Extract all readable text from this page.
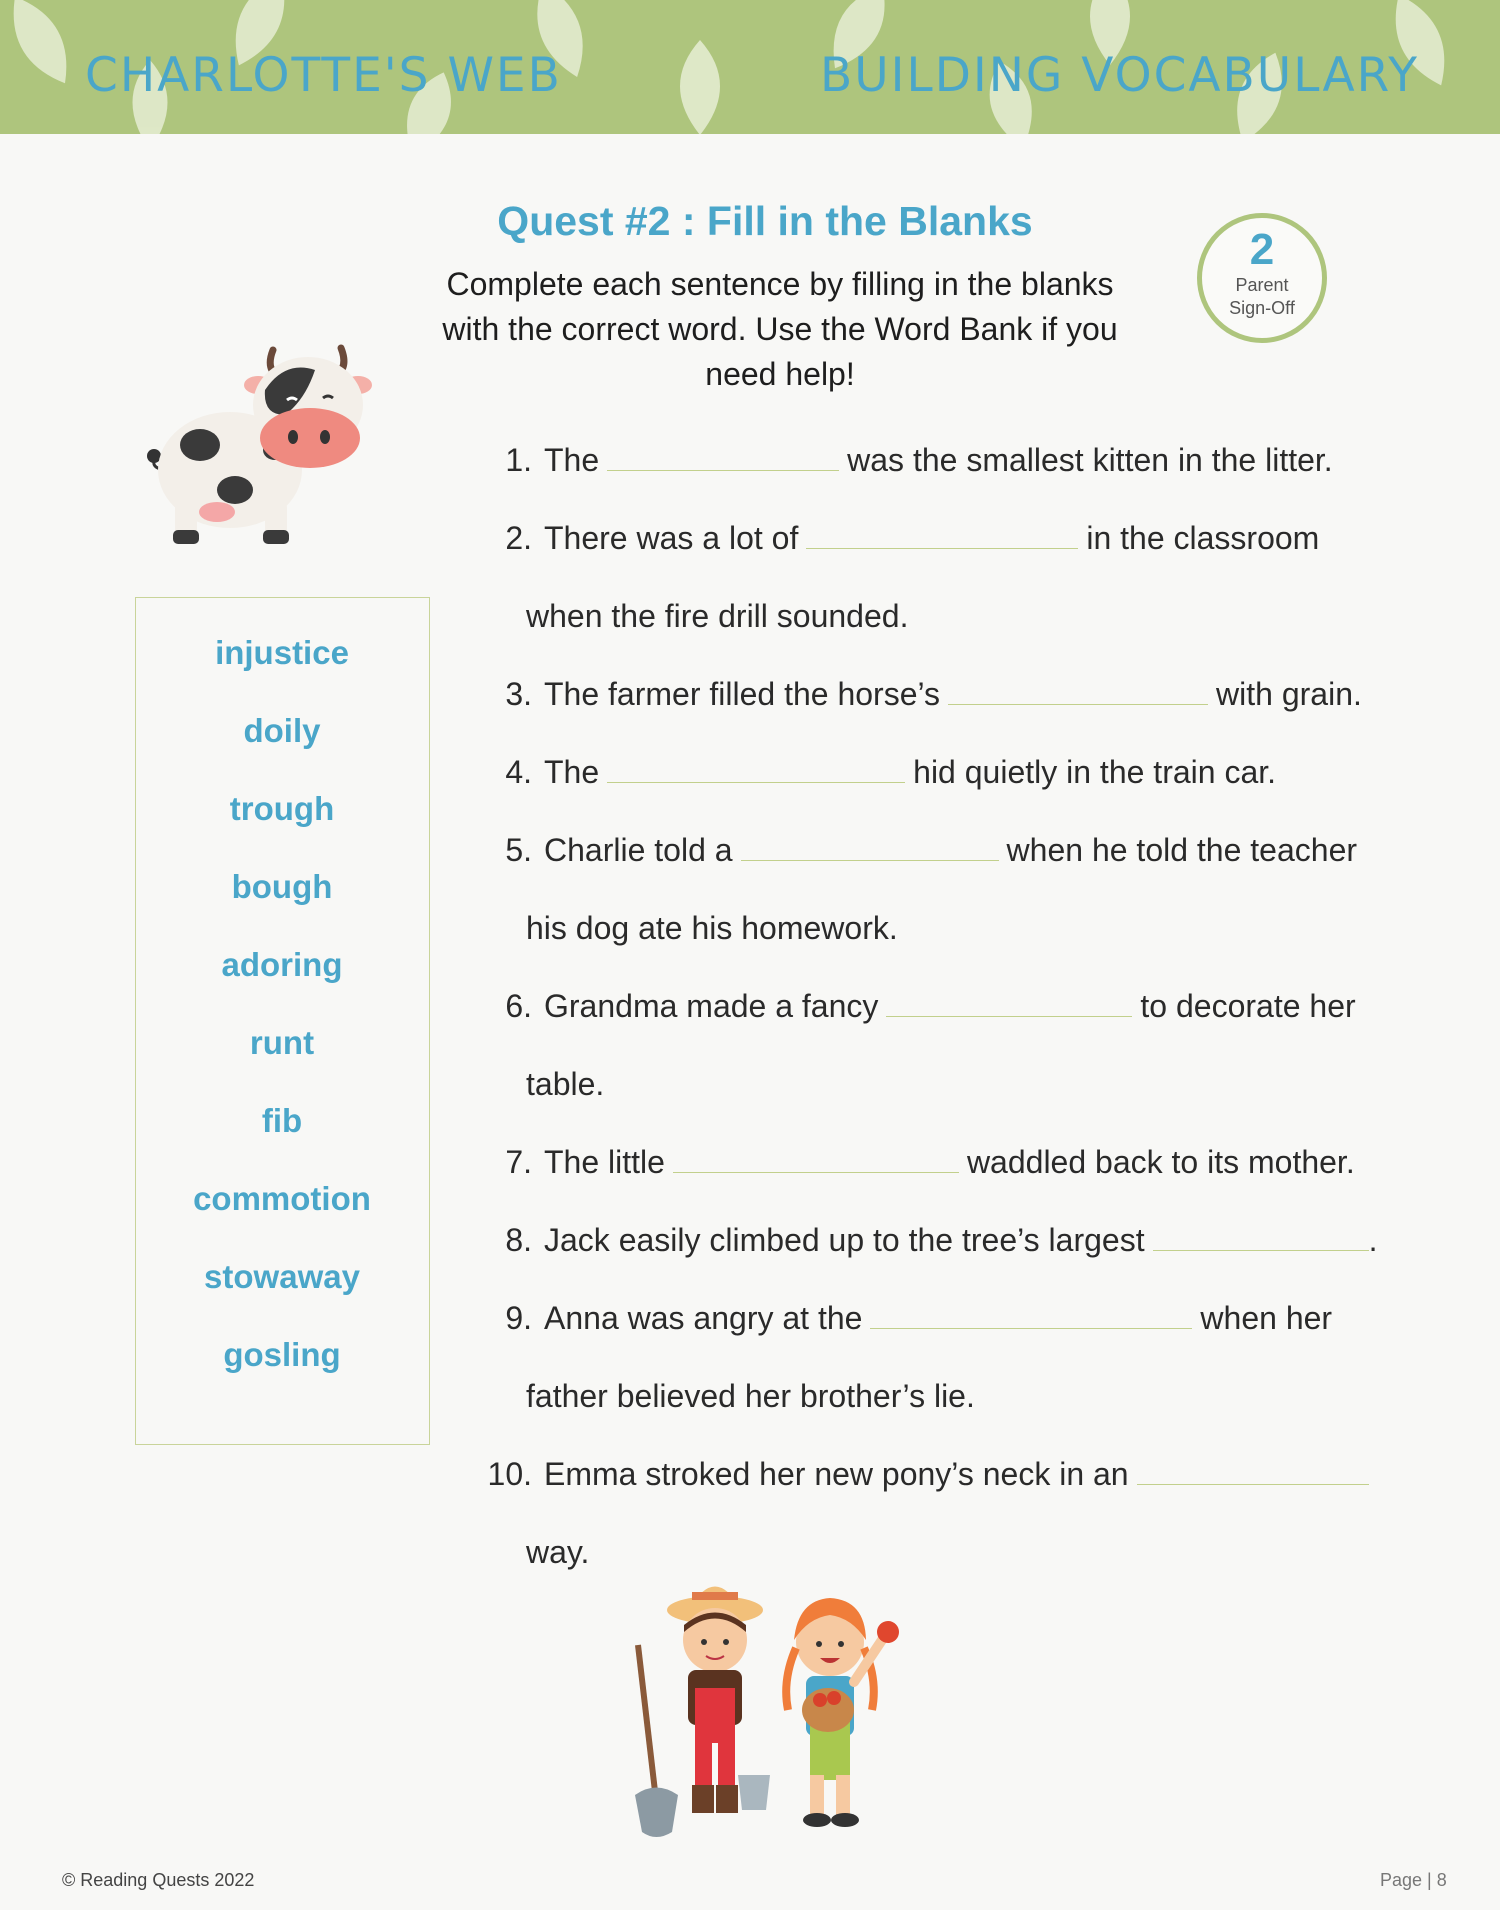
CHARLOTTE'S WEB	BUILDING VOCABULARY
Quest #2 : Fill in the Blanks
Complete each sentence by filling in the blanks
with the correct word. Use the Word Bank if you
need help!
2
Parent Sign-Off
injustice
doily
trough
bough
adoring
runt
fib
commotion
stowaway
gosling
1. The	was the smallest kitten in the litter.
2. There was a lot of	in the classroom
when the fire drill sounded.
3. The farmer filled the horse’s	with grain.
4. The	hid quietly in the train car.
5. Charlie told a	when he told the teacher
his dog ate his homework.
6. Grandma made a fancy	to decorate her
table.
7. The little	waddled back to its mother.
8. Jack easily climbed up to the tree’s largest	.
9. Anna was angry at the	when her
father believed her brother’s lie.
10. Emma stroked her new pony’s neck in an
way.
© Reading Quests 2022	Page | 8
